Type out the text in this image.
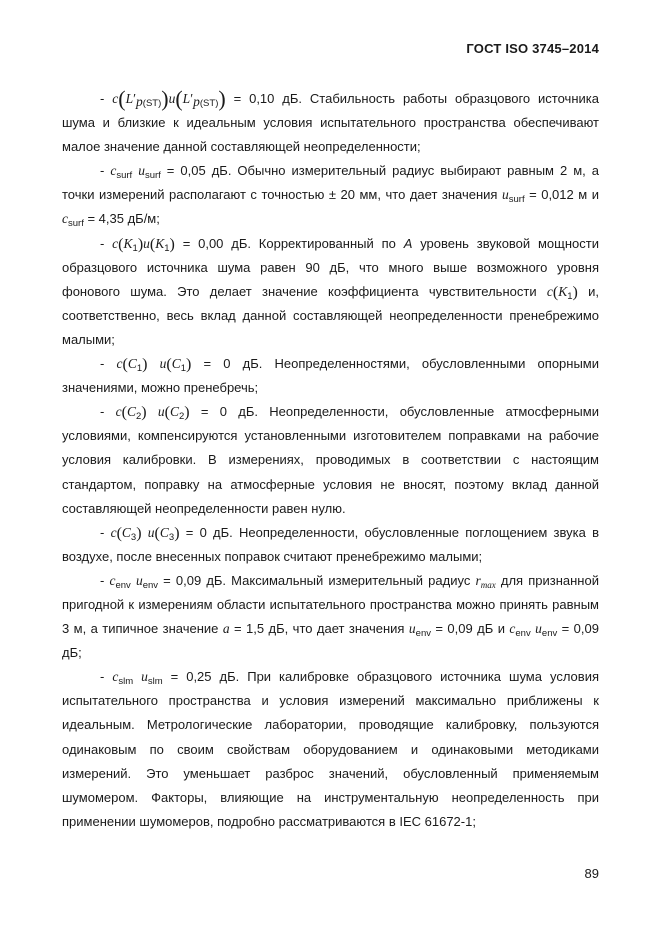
ГОСТ ISO 3745–2014

- $c(L'_{p(ST)})u(L'_{p(ST)}) = 0,10$ дБ. Стабильность работы образцового источника шума и близкие к идеальным условия испытательного пространства обеспечивают малое значение данной составляющей неопределенности;

- $c_{surf}$ $u_{surf} = 0,05$ дБ. Обычно измерительный радиус выбирают равным 2 м, а точки измерений располагают с точностью ± 20 мм, что дает значения $u_{surf} = 0,012$ м и $c_{surf} = 4,35$ дБ/м;

- $c(K_1)u(K_1) = 0,00$ дБ. Корректированный по А уровень звуковой мощности образцового источника шума равен 90 дБ, что много выше возможного уровня фонового шума. Это делает значение коэффициента чувствительности $c(K_1)$ и, соответственно, весь вклад данной составляющей неопределенности пренебрежимо малыми;

- $c(C_1) u(C_1) = 0$ дБ. Неопределенностями, обусловленными опорными значениями, можно пренебречь;

- $c(C_2) u(C_2) = 0$ дБ. Неопределенности, обусловленные атмосферными условиями, компенсируются установленными изготовителем поправками на рабочие условия калибровки. В измерениях, проводимых в соответствии с настоящим стандартом, поправку на атмосферные условия не вносят, поэтому вклад данной составляющей неопределенности равен нулю.

- $c(C_3) u(C_3) = 0$ дБ. Неопределенности, обусловленные поглощением звука в воздухе, после внесенных поправок считают пренебрежимо малыми;

- $c_{env}$ $u_{env} = 0,09$ дБ. Максимальный измерительный радиус $r_{max}$ для признанной пригодной к измерениям области испытательного пространства можно принять равным 3 м, а типичное значение a = 1,5 дБ, что дает значения $u_{env} = 0,09$ дБ и $c_{env}$ $u_{env} = 0,09$ дБ;

- $c_{slm}$ $u_{slm} = 0,25$ дБ. При калибровке образцового источника шума условия испытательного пространства и условия измерений максимально приближены к идеальным. Метрологические лаборатории, проводящие калибровку, пользуются одинаковым по своим свойствам оборудованием и одинаковыми методиками измерений. Это уменьшает разброс значений, обусловленный применяемым шумомером. Факторы, влияющие на инструментальную неопределенность при применении шумомеров, подробно рассматриваются в IEC 61672-1;

89
